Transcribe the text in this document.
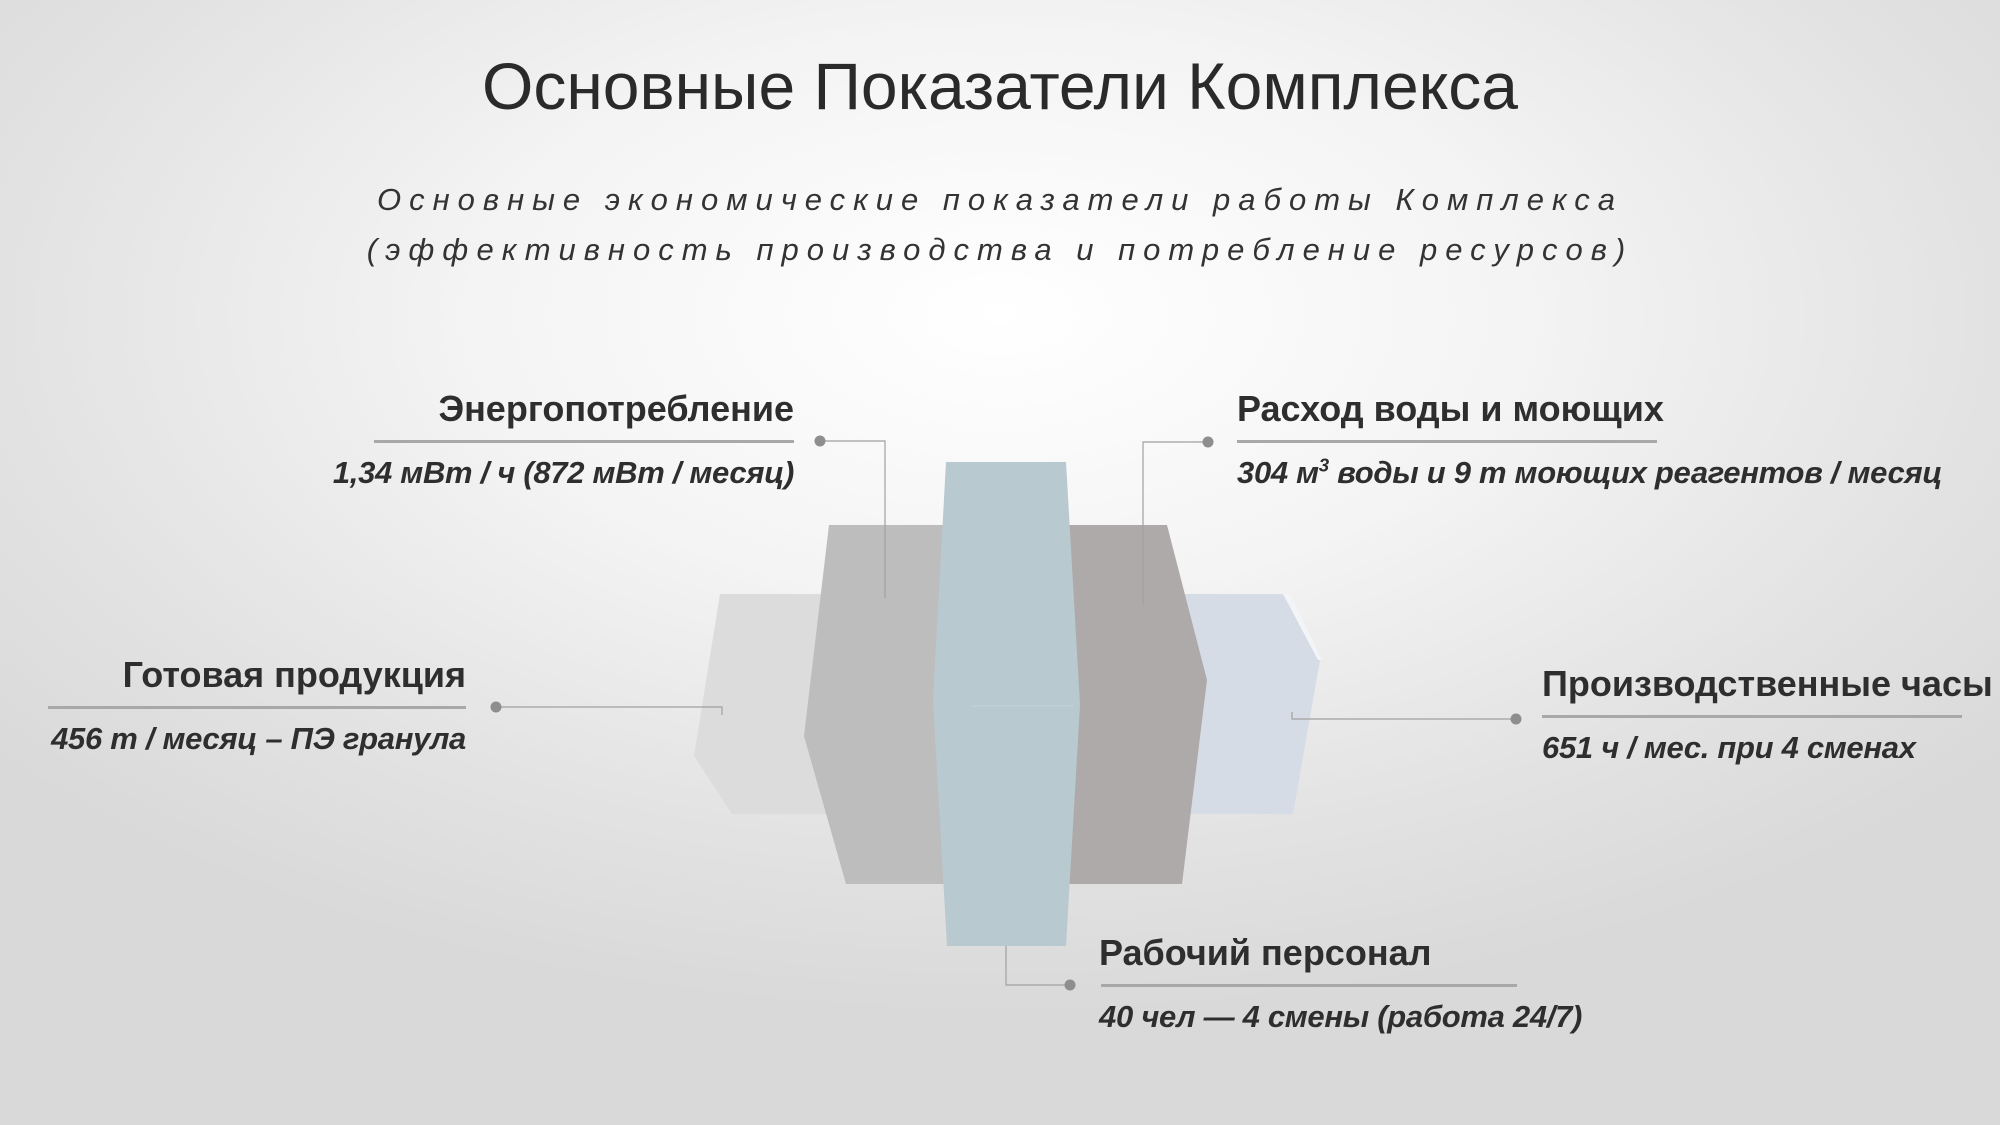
Основные Показатели Комплекса
Основные экономические показатели работы Комплекса
(эффективность производства и потребление ресурсов)
Энергопотребление
1,34 мВт / ч (872 мВт / месяц)
Расход воды и моющих
304 $м^3$ воды и 9 т моющих реагентов / месяц
Готовая продукция
456 т / месяц – ПЭ гранула
Производственные часы
651 ч / мес. при 4 сменах
Рабочий персонал
40 чел — 4 смены (работа 24/7)
